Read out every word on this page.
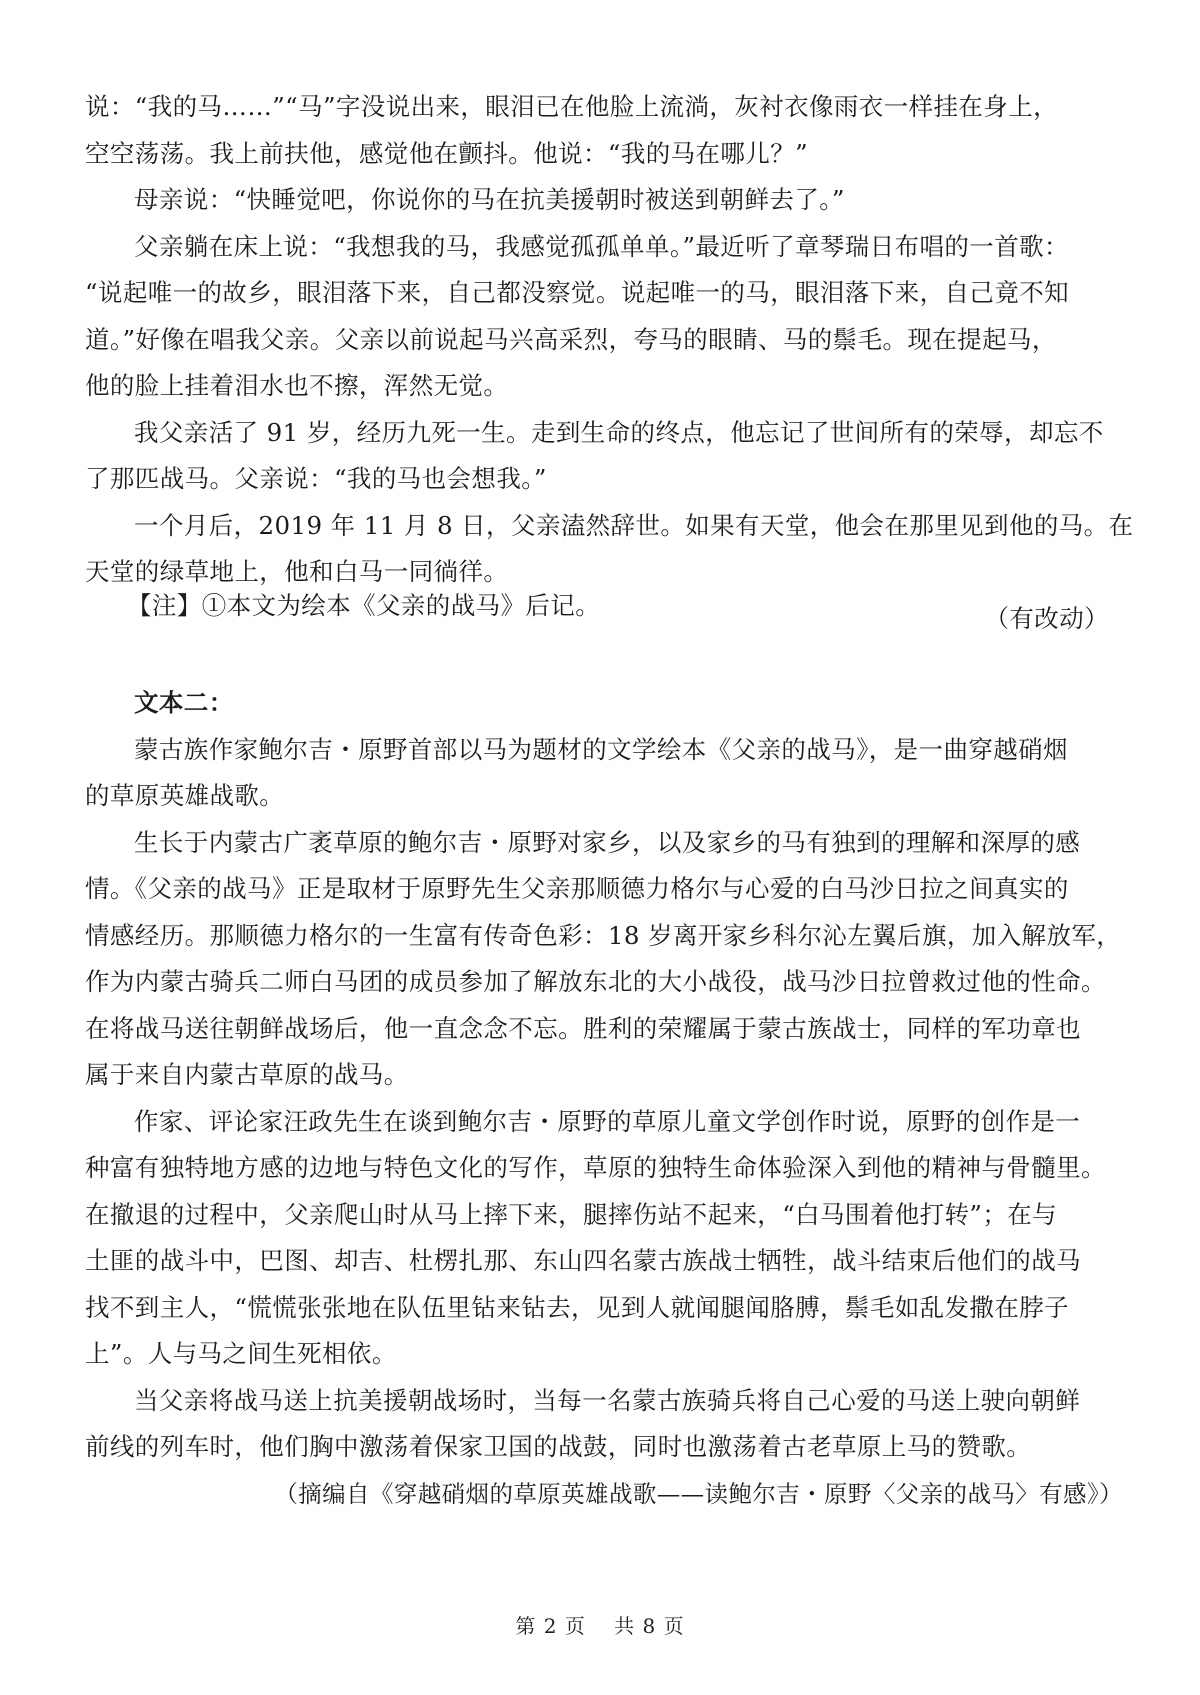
说：“我的马……”“马”字没说出来，眼泪已在他脸上流淌，灰衬衣像雨衣一样挂在身上，
空空荡荡。我上前扶他，感觉他在颤抖。他说：“我的马在哪儿？”
母亲说：“快睡觉吧，你说你的马在抗美援朝时被送到朝鲜去了。”
父亲躺在床上说：“我想我的马，我感觉孤孤单单。”最近听了章琴瑞日布唱的一首歌：
“说起唯一的故乡，眼泪落下来，自己都没察觉。说起唯一的马，眼泪落下来，自己竟不知
道。”好像在唱我父亲。父亲以前说起马兴高采烈，夸马的眼睛、马的鬃毛。现在提起马，
他的脸上挂着泪水也不擦，浑然无觉。
我父亲活了 91 岁，经历九死一生。走到生命的终点，他忘记了世间所有的荣辱，却忘不
了那匹战马。父亲说：“我的马也会想我。”
一个月后，2019 年 11 月 8 日，父亲溘然辞世。如果有天堂，他会在那里见到他的马。在
天堂的绿草地上，他和白马一同徜徉。
（有改动）
【注】①本文为绘本《父亲的战马》后记。
文本二：
蒙古族作家鲍尔吉・原野首部以马为题材的文学绘本《父亲的战马》，是一曲穿越硝烟
的草原英雄战歌。
生长于内蒙古广袤草原的鲍尔吉・原野对家乡，以及家乡的马有独到的理解和深厚的感
情。《父亲的战马》正是取材于原野先生父亲那顺德力格尔与心爱的白马沙日拉之间真实的
情感经历。那顺德力格尔的一生富有传奇色彩：18 岁离开家乡科尔沁左翼后旗，加入解放军，
作为内蒙古骑兵二师白马团的成员参加了解放东北的大小战役，战马沙日拉曾救过他的性命。
在将战马送往朝鲜战场后，他一直念念不忘。胜利的荣耀属于蒙古族战士，同样的军功章也
属于来自内蒙古草原的战马。
作家、评论家汪政先生在谈到鲍尔吉・原野的草原儿童文学创作时说，原野的创作是一
种富有独特地方感的边地与特色文化的写作，草原的独特生命体验深入到他的精神与骨髓里。
在撤退的过程中，父亲爬山时从马上摔下来，腿摔伤站不起来，“白马围着他打转”；在与
土匪的战斗中，巴图、却吉、杜楞扎那、东山四名蒙古族战士牺牲，战斗结束后他们的战马
找不到主人，“慌慌张张地在队伍里钻来钻去，见到人就闻腿闻胳膊，鬃毛如乱发撒在脖子
上”。人与马之间生死相依。
当父亲将战马送上抗美援朝战场时，当每一名蒙古族骑兵将自己心爱的马送上驶向朝鲜
前线的列车时，他们胸中激荡着保家卫国的战鼓，同时也激荡着古老草原上马的赞歌。
（摘编自《穿越硝烟的草原英雄战歌——读鲍尔吉・原野〈父亲的战马〉有感》）
第 2 页　 共 8 页
